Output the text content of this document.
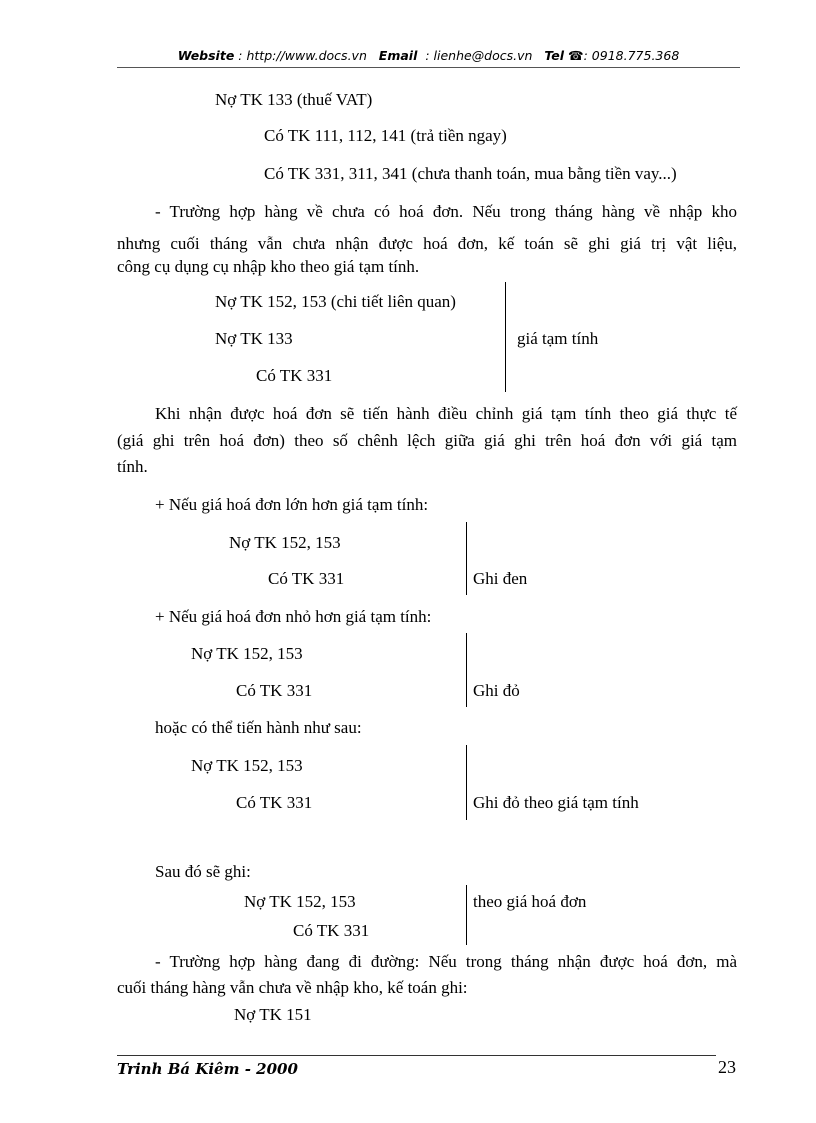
Website : http://www.docs.vn Email : lienhe@docs.vn Tel ☎: 0918.775.368
Nợ TK 133 (thuế VAT)
Có TK 111, 112, 141 (trả tiền ngay)
Có TK 331, 311, 341 (chưa thanh toán, mua bằng tiền vay...)
- Trường hợp hàng về chưa có hoá đơn. Nếu trong tháng hàng về nhập kho
nhưng cuối tháng vẫn chưa nhận được hoá đơn, kế toán sẽ ghi giá trị vật liệu,
công cụ dụng cụ nhập kho theo giá tạm tính.
Nợ TK 152, 153 (chi tiết liên quan)
Nợ TK 133
Có TK 331
giá tạm tính
Khi nhận được hoá đơn sẽ tiến hành điều chỉnh giá tạm tính theo giá thực tế
(giá ghi trên hoá đơn) theo số chênh lệch giữa giá ghi trên hoá đơn với giá tạm
tính.
+ Nếu giá hoá đơn lớn hơn giá tạm tính:
Nợ TK 152, 153
Có TK 331	Ghi đen
+ Nếu giá hoá đơn nhỏ hơn giá tạm tính:
Nợ TK 152, 153
Có TK 331	Ghi đỏ
hoặc có thể tiến hành như sau:
Nợ TK 152, 153
Có TK 331	Ghi đỏ theo giá tạm tính
Sau đó sẽ ghi:
Nợ TK 152, 153
Có TK 331
theo giá hoá đơn
- Trường hợp hàng đang đi đường: Nếu trong tháng nhận được hoá đơn, mà
cuối tháng hàng vẫn chưa về nhập kho, kế toán ghi:
Nợ TK 151
Trinh Bá Kiêm - 2000	23
